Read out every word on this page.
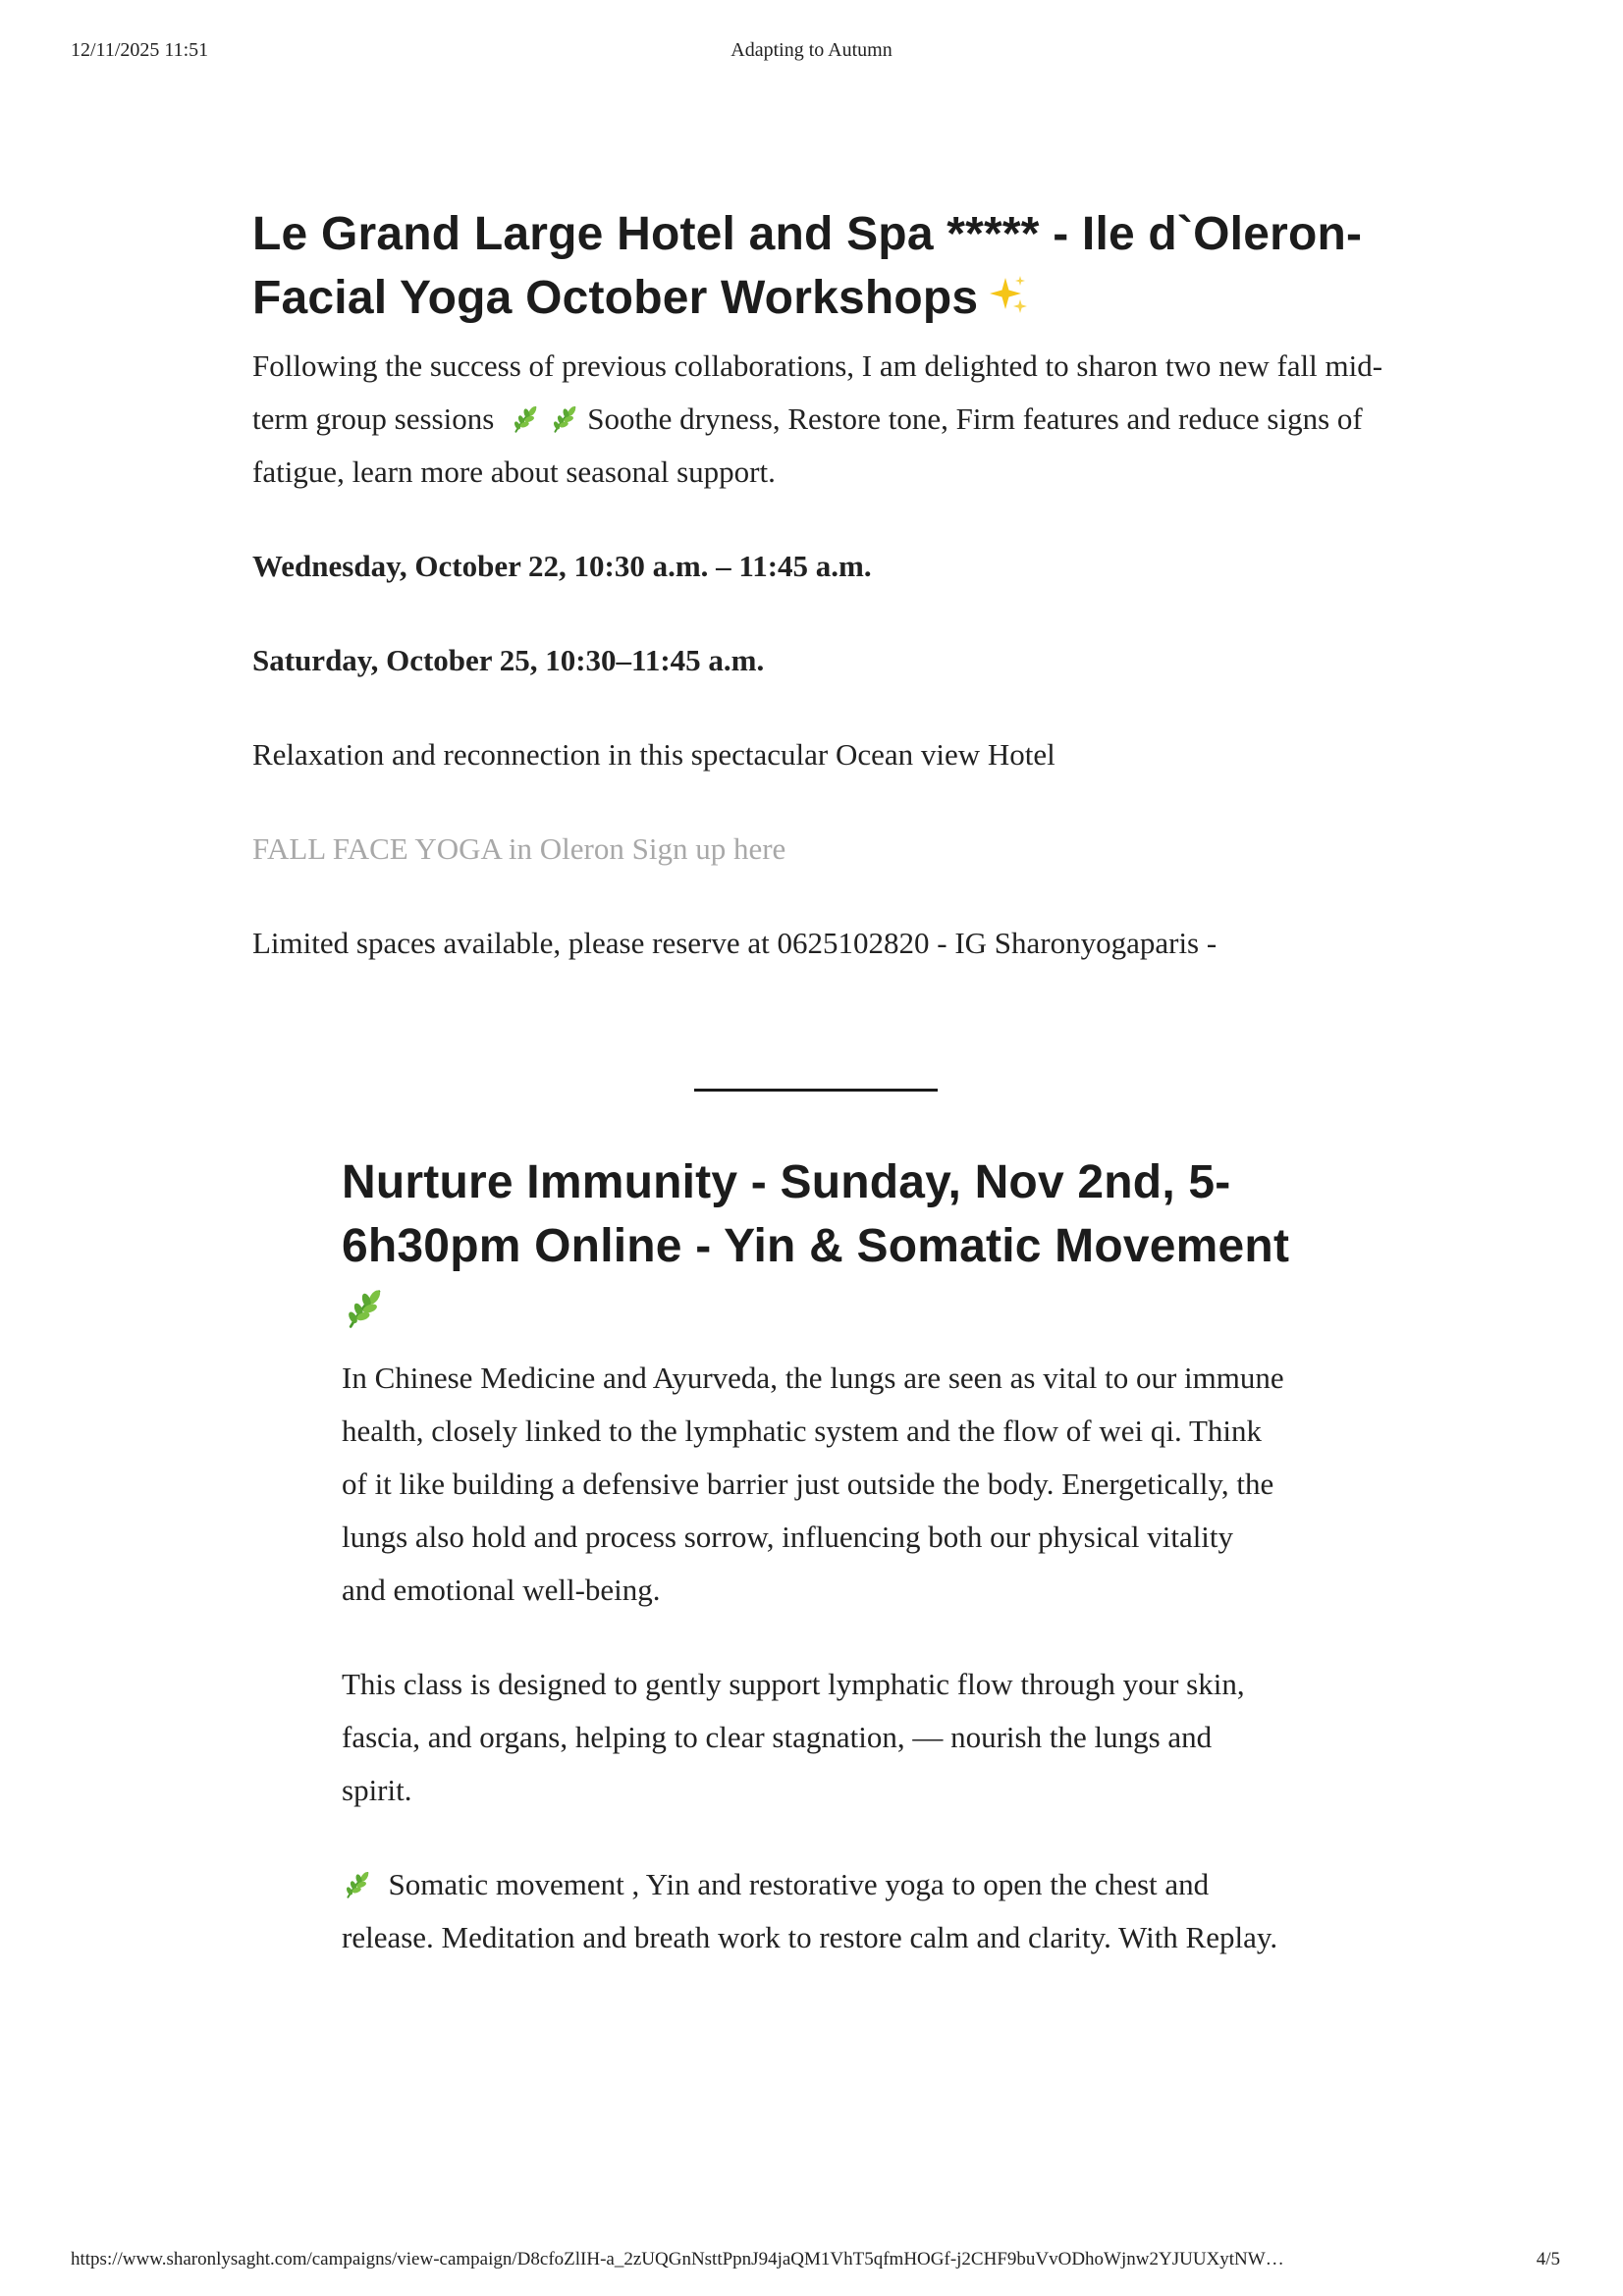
12/11/2025 11:51	Adapting to Autumn
Le Grand Large Hotel and Spa ***** - Ile d`Oleron- Facial Yoga October Workshops

Following the success of previous collaborations, I am delighted to sharon two new fall mid-term group sessions	Soothe dryness, Restore tone, Firm features and reduce signs of fatigue, learn more about seasonal support.

Wednesday, October 22, 10:30 a.m. – 11:45 a.m.

Saturday, October 25, 10:30–11:45 a.m.

Relaxation and reconnection in this spectacular Ocean view Hotel

FALL FACE YOGA in Oleron Sign up here

Limited spaces available, please reserve at 0625102820 - IG Sharonyogaparis -

Nurture Immunity - Sunday, Nov 2nd, 5-6h30pm Online - Yin & Somatic Movement

In Chinese Medicine and Ayurveda, the lungs are seen as vital to our immune health, closely linked to the lymphatic system and the flow of wei qi. Think of it like building a defensive barrier just outside the body. Energetically, the lungs also hold and process sorrow, influencing both our physical vitality and emotional well-being.

This class is designed to gently support lymphatic flow through your skin, fascia, and organs, helping to clear stagnation, — nourish the lungs and spirit.

Somatic movement , Yin and restorative yoga to open the chest and release. Meditation and breath work to restore calm and clarity. With Replay.

https://www.sharonlysaght.com/campaigns/view-campaign/D8cfoZlIH-a_2zUQGnNsttPpnJ94jaQM1VhT5qfmHOGf-j2CHF9buVvODhoWjnw2YJUUXytNW…	4/5
